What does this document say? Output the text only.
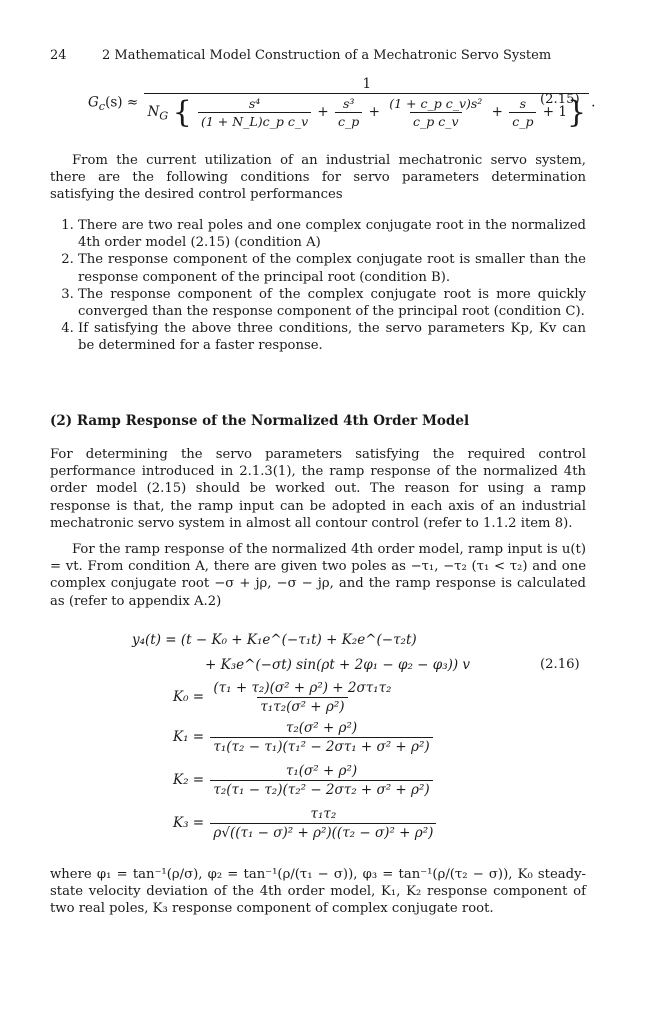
24	2 Mathematical Model Construction of a Mechatronic Servo System
$G_c(s)$ ≈
1
$N_G$ { $\frac{\text{s⁴}}{\text{(1 + N\_L)c\_p c\_v}} + \frac{\text{s³}}{c\_p} + \frac{\text{(1 + c\_p c\_v)s²}}{\text{c\_p c\_v}} + \frac{s}{c\_p} + 1$} .
(2.15)
From the current utilization of an industrial mechatronic servo system, there are the following conditions for servo parameters determination satisfying the desired control performances
1. There are two real poles and one complex conjugate root in the normalized 4th order model (2.15) (condition A)
2. The response component of the complex conjugate root is smaller than the response component of the principal root (condition B).
3. The response component of the complex conjugate root is more quickly converged than the response component of the principal root (condition C).
4. If satisfying the above three conditions, the servo parameters Kp, Kv can be determined for a faster response.
(2) Ramp Response of the Normalized 4th Order Model
For determining the servo parameters satisfying the required control performance introduced in 2.1.3(1), the ramp response of the normalized 4th order model (2.15) should be worked out. The reason for using a ramp response is that, the ramp input can be adopted in each axis of an industrial mechatronic servo system in almost all contour control (refer to 1.1.2 item 8).
For the ramp response of the normalized 4th order model, ramp input is u(t) = vt. From condition A, there are given two poles as −τ₁, −τ₂ (τ₁ < τ₂) and one complex conjugate root −σ + jρ, −σ − jρ, and the ramp response is calculated as (refer to appendix A.2)
y₄(t) = (t − K₀ + K₁e^(−τ₁t) + K₂e^(−τ₂t)
+ K₃e^(−σt) sin(ρt + 2φ₁ − φ₂ − φ₃)) v	(2.16)
$K_0 = \frac{\text{(τ₁ + τ₂)(σ² + ρ²) + 2στ₁τ₂}}{\text{τ₁τ₂(σ² + ρ²)}}$
$K_1 = \frac{\text{τ₂(σ² + ρ²)}}{\text{τ₁(τ₂ − τ₁)(τ₁² − 2στ₁ + σ² + ρ²)}}$
$K_2 = \frac{\text{τ₁(σ² + ρ²)}}{\text{τ₂(τ₁ − τ₂)(τ₂² − 2στ₂ + σ² + ρ²)}}$
$K_3 = \frac{\text{τ₁τ₂}}{\text{ρ√((τ₁ − σ)² + ρ²)((τ₂ − σ)² + ρ²)}}$
where φ₁ = tan⁻¹(ρ/σ), φ₂ = tan⁻¹(ρ/(τ₁ − σ)), φ₃ = tan⁻¹(ρ/(τ₂ − σ)), K₀ steady-state velocity deviation of the 4th order model, K₁, K₂ response component of two real poles, K₃ response component of complex conjugate root.
